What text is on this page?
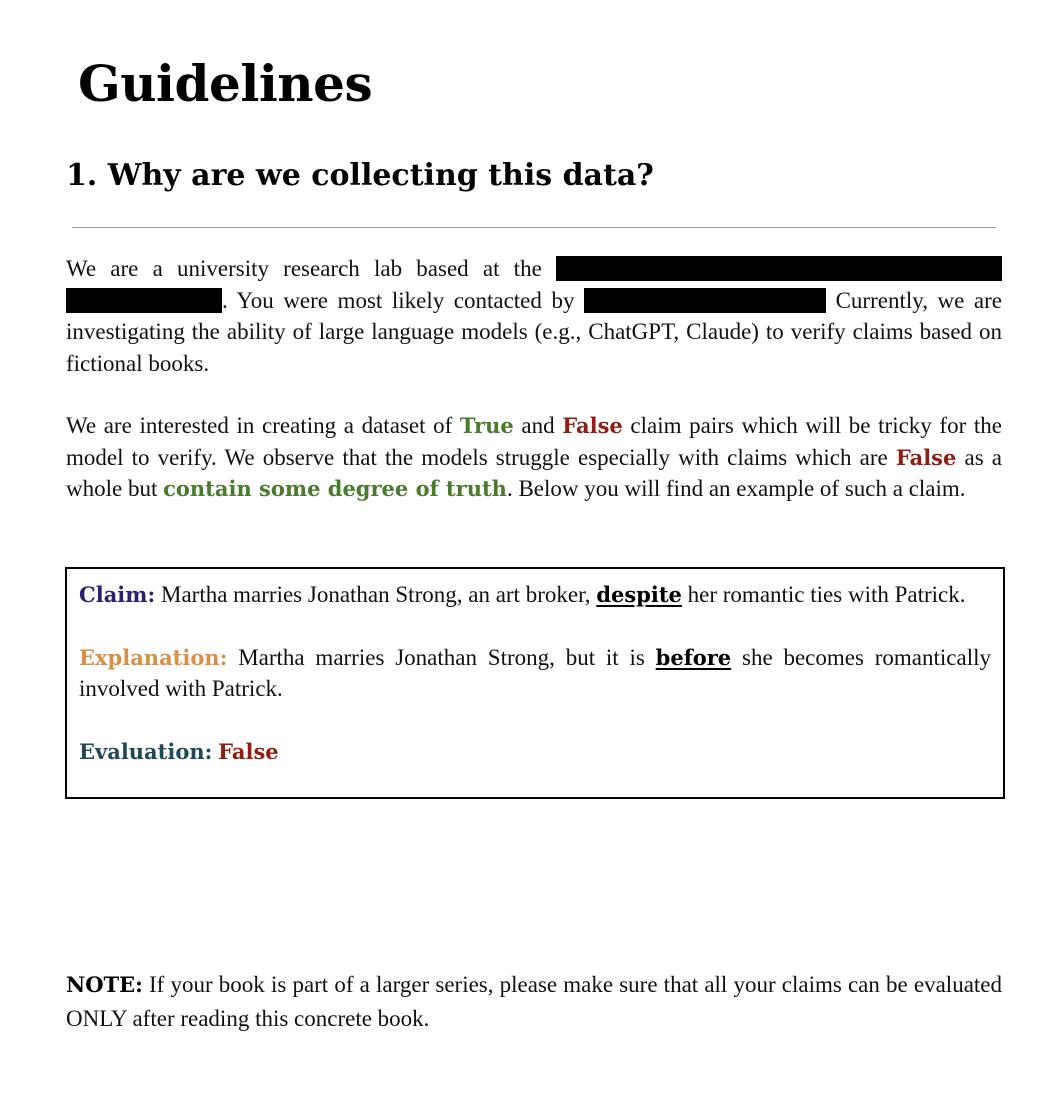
Guidelines
1. Why are we collecting this data?

We are a university research lab based at the  . You were most likely contacted by	Currently, we are investigating the ability of large language models (e.g., ChatGPT, Claude) to verify claims based on fictional books.

We are interested in creating a dataset of True and False claim pairs which will be tricky for the model to verify. We observe that the models struggle especially with claims which are False as a whole but contain some degree of truth. Below you will find an example of such a claim.

Claim: Martha marries Jonathan Strong, an art broker, despite her romantic ties with Patrick.

Explanation: Martha marries Jonathan Strong, but it is before she becomes romantically involved with Patrick.

Evaluation: False

NOTE: If your book is part of a larger series, please make sure that all your claims can be evaluated ONLY after reading this concrete book.
